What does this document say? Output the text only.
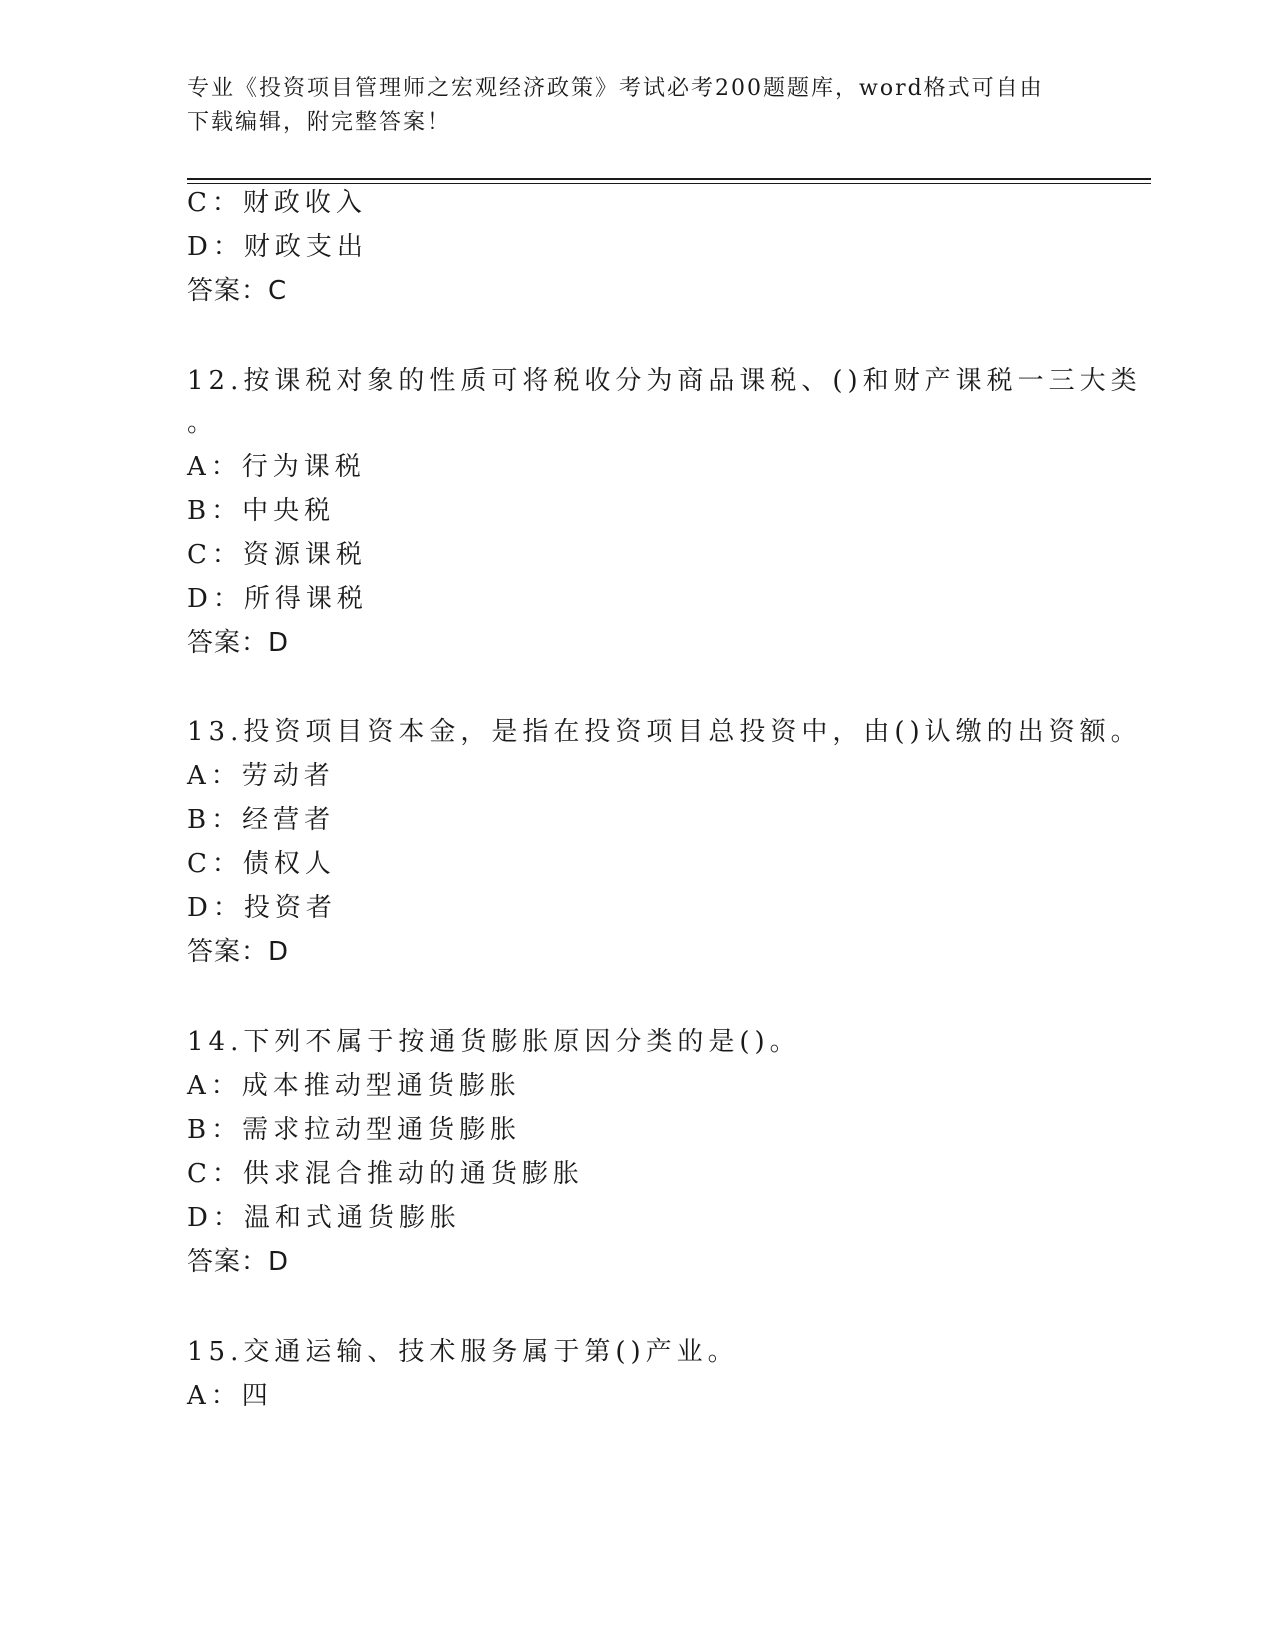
专业《投资项目管理师之宏观经济政策》考试必考200题题库，word格式可自由
下载编辑，附完整答案！
C：财政收入
D：财政支出
答案：C
12.按课税对象的性质可将税收分为商品课税、()和财产课税一三大类
。
A：行为课税
B：中央税
C：资源课税
D：所得课税
答案：D
13.投资项目资本金，是指在投资项目总投资中，由()认缴的出资额。
A：劳动者
B：经营者
C：债权人
D：投资者
答案：D
14.下列不属于按通货膨胀原因分类的是()。
A：成本推动型通货膨胀
B：需求拉动型通货膨胀
C：供求混合推动的通货膨胀
D：温和式通货膨胀
答案：D
15.交通运输、技术服务属于第()产业。
A：四
